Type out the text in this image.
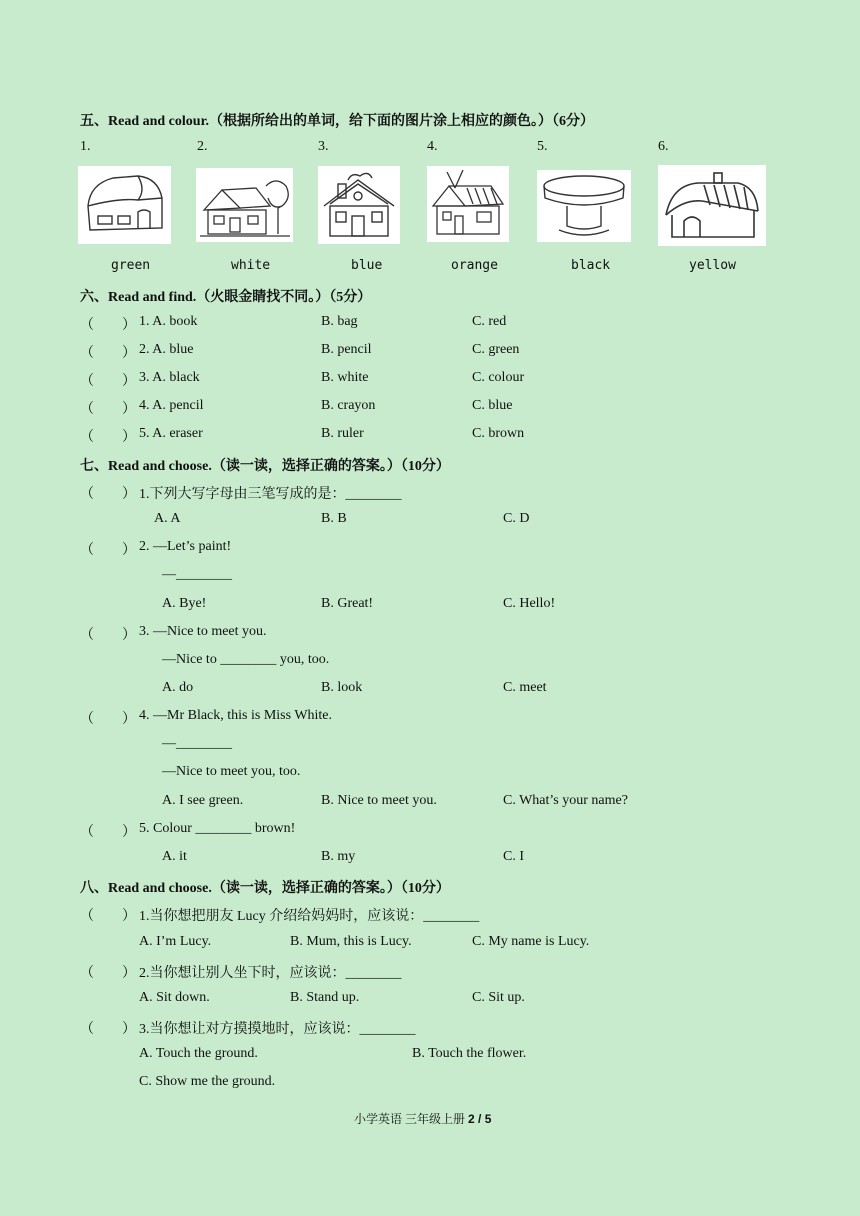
五、Read and colour.（根据所给出的单词，给下面的图片涂上相应的颜色。）（6分）
1.	2.	3.	4.	5.	6.
green	white	blue	orange	black	yellow
六、Read and find.（火眼金睛找不同。）（5分）
（　　） 1. A. book	B. bag	C. red
（　　） 2. A. blue	B. pencil	C. green
（　　） 3. A. black	B. white	C. colour
（　　） 4. A. pencil	B. crayon	C. blue
（　　） 5. A. eraser	B. ruler	C. brown
七、Read and choose.（读一读，选择正确的答案。）（10分）
（　　） 1.下列大写字母由三笔写成的是：________
A. A	B. B	C. D
（　　） 2. —Let’s paint!
—________
A. Bye!	B. Great!	C. Hello!
（　　） 3. —Nice to meet you.
—Nice to ________ you, too.
A. do	B. look	C. meet
（　　） 4. —Mr Black, this is Miss White.
—________
—Nice to meet you, too.
A. I see green.	B. Nice to meet you.	C. What’s your name?
（　　） 5. Colour ________ brown!
A. it	B. my	C. I
八、Read and choose.（读一读，选择正确的答案。）（10分）
（　　） 1.当你想把朋友 Lucy 介绍给妈妈时，应该说：________
A. I’m Lucy.	B. Mum, this is Lucy.	C. My name is Lucy.
（　　） 2.当你想让别人坐下时，应该说：________
A. Sit down.	B. Stand up.	C. Sit up.
（　　） 3.当你想让对方摸摸地时，应该说：________
A. Touch the ground.	B. Touch the flower.
C. Show me the ground.
小学英语 三年级上册 2 / 5
